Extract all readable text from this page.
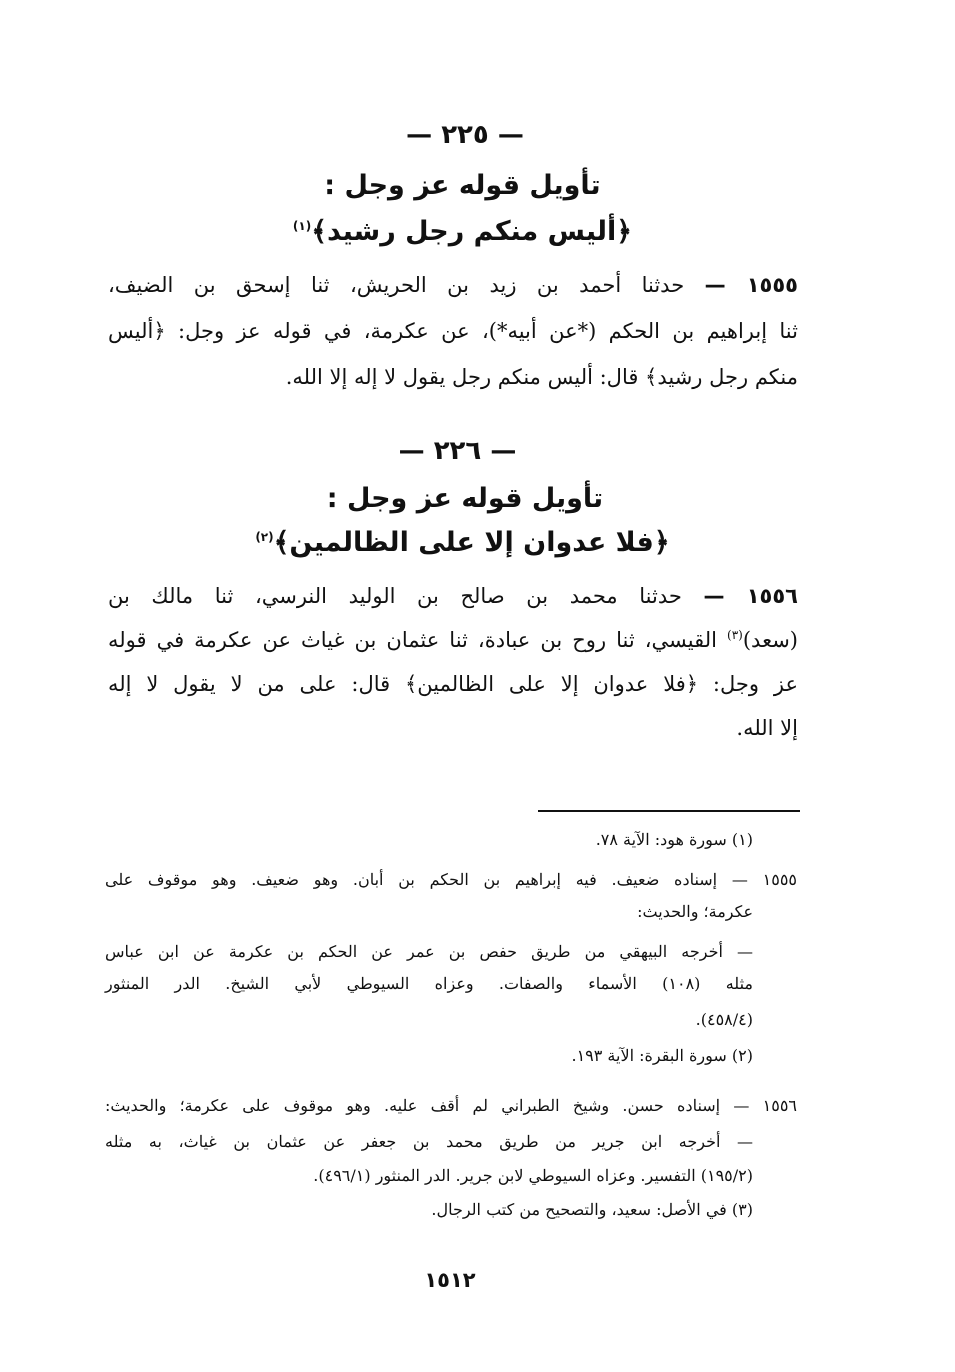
— ٢٢٥ —
تأويل قوله عز وجل :
﴿أليس منكم رجل رشيد﴾$^{(١)}$
١٥٥٥ — حدثنا أحمد بن زيد بن الحريش، ثنا إسحق بن الضيف،
ثنا إبراهيم بن الحكم (*عن أبيه*)، عن عكرمة، في قوله عز وجل: ﴿أليس
منكم رجل رشيد﴾ قال: أليس منكم رجل يقول لا إله إلا الله.
— ٢٢٦ —
تأويل قوله عز وجل :
﴿فلا عدوان إلا على الظالمين﴾$^{(٢)}$
١٥٥٦ — حدثنا محمد بن صالح بن الوليد النرسي، ثنا مالك بن
(سعد)$^{(٣)}$ القيسي، ثنا روح بن عبادة، ثنا عثمان بن غياث عن عكرمة في قوله
عز وجل: ﴿فلا عدوان إلا على الظالمين﴾ قال: على من لا يقول لا إله
إلا الله.
(١) سورة هود: الآية ٧٨.
١٥٥٥ — إسناده ضعيف. فيه إبراهيم بن الحكم بن أبان. وهو ضعيف. وهو موقوف على
عكرمة؛ والحديث:
— أخرجه البيهقي من طريق حفص بن عمر عن الحكم بن عكرمة عن ابن عباس
مثله (١٠٨) الأسماء والصفات. وعزاه السيوطي لأبي الشيخ. الدر المنثور
(٤٥٨/٤).
(٢) سورة البقرة: الآية ١٩٣.
١٥٥٦ — إسناده حسن. وشيخ الطبراني لم أقف عليه. وهو موقوف على عكرمة؛ والحديث:
— أخرجه ابن جرير من طريق محمد بن جعفر عن عثمان بن غياث، به مثله
(١٩٥/٢) التفسير. وعزاه السيوطي لابن جرير. الدر المنثور (٤٩٦/١).
(٣) في الأصل: سعيد، والتصحيح من كتب الرجال.
١٥١٢
